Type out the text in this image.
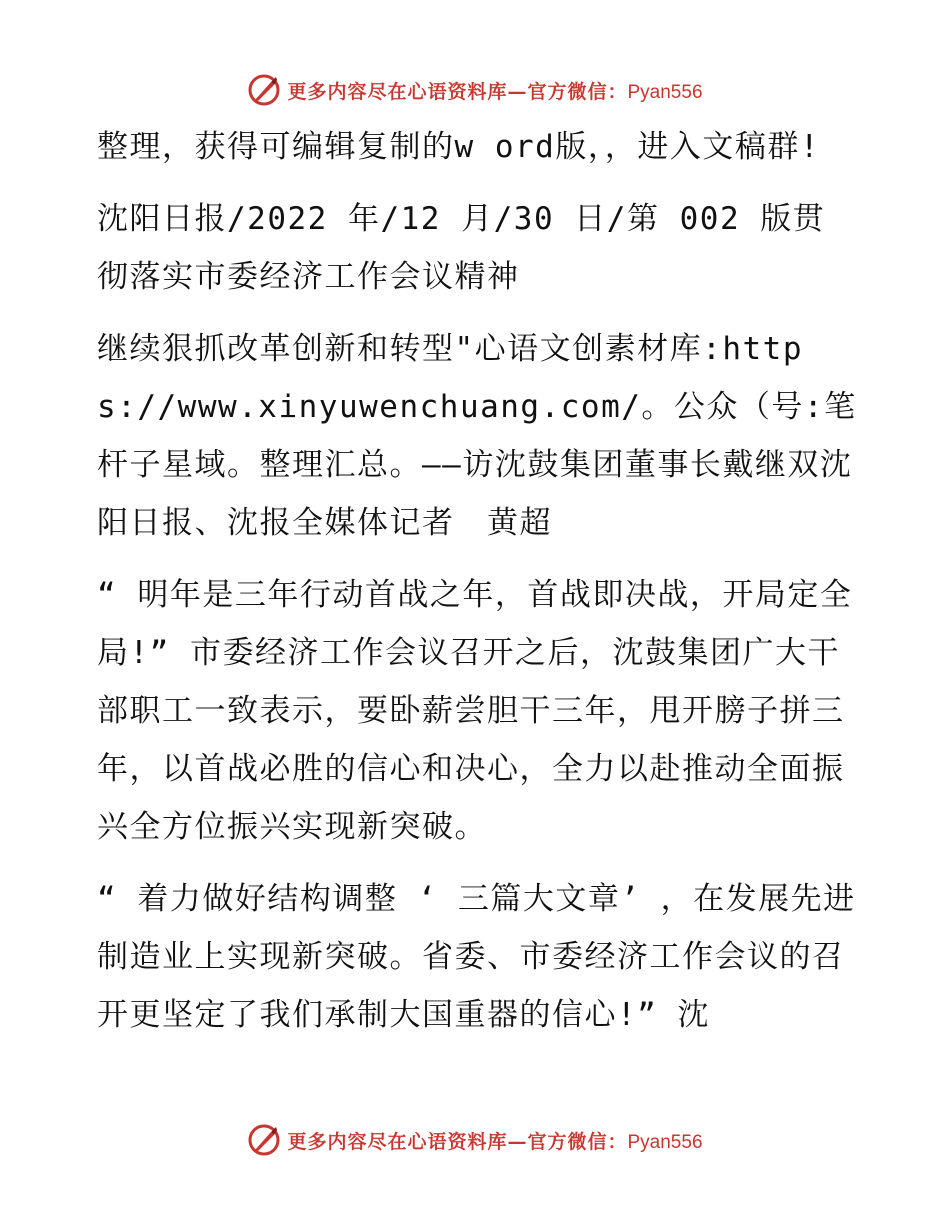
更多内容尽在心语资料库—官方微信：Pyan556

整理，获得可编辑复制的w ord版，，进入文稿群!

沈阳日报/2022 年/12 月/30 日/第 002 版贯彻落实市委经济工作会议精神

继续狠抓改革创新和转型"心语文创素材库:https://www.xinyuwenchuang.com/。公众（号:笔杆子星域。整理汇总。——访沈鼓集团董事长戴继双沈阳日报、沈报全媒体记者　黄超

“ 明年是三年行动首战之年，首战即决战，开局定全局!” 市委经济工作会议召开之后，沈鼓集团广大干部职工一致表示，要卧薪尝胆干三年，甩开膀子拼三年，以首战必胜的信心和决心，全力以赴推动全面振兴全方位振兴实现新突破。

“ 着力做好结构调整 ‘ 三篇大文章’ ，在发展先进制造业上实现新突破。省委、市委经济工作会议的召开更坚定了我们承制大国重器的信心!” 沈

更多内容尽在心语资料库—官方微信：Pyan556
